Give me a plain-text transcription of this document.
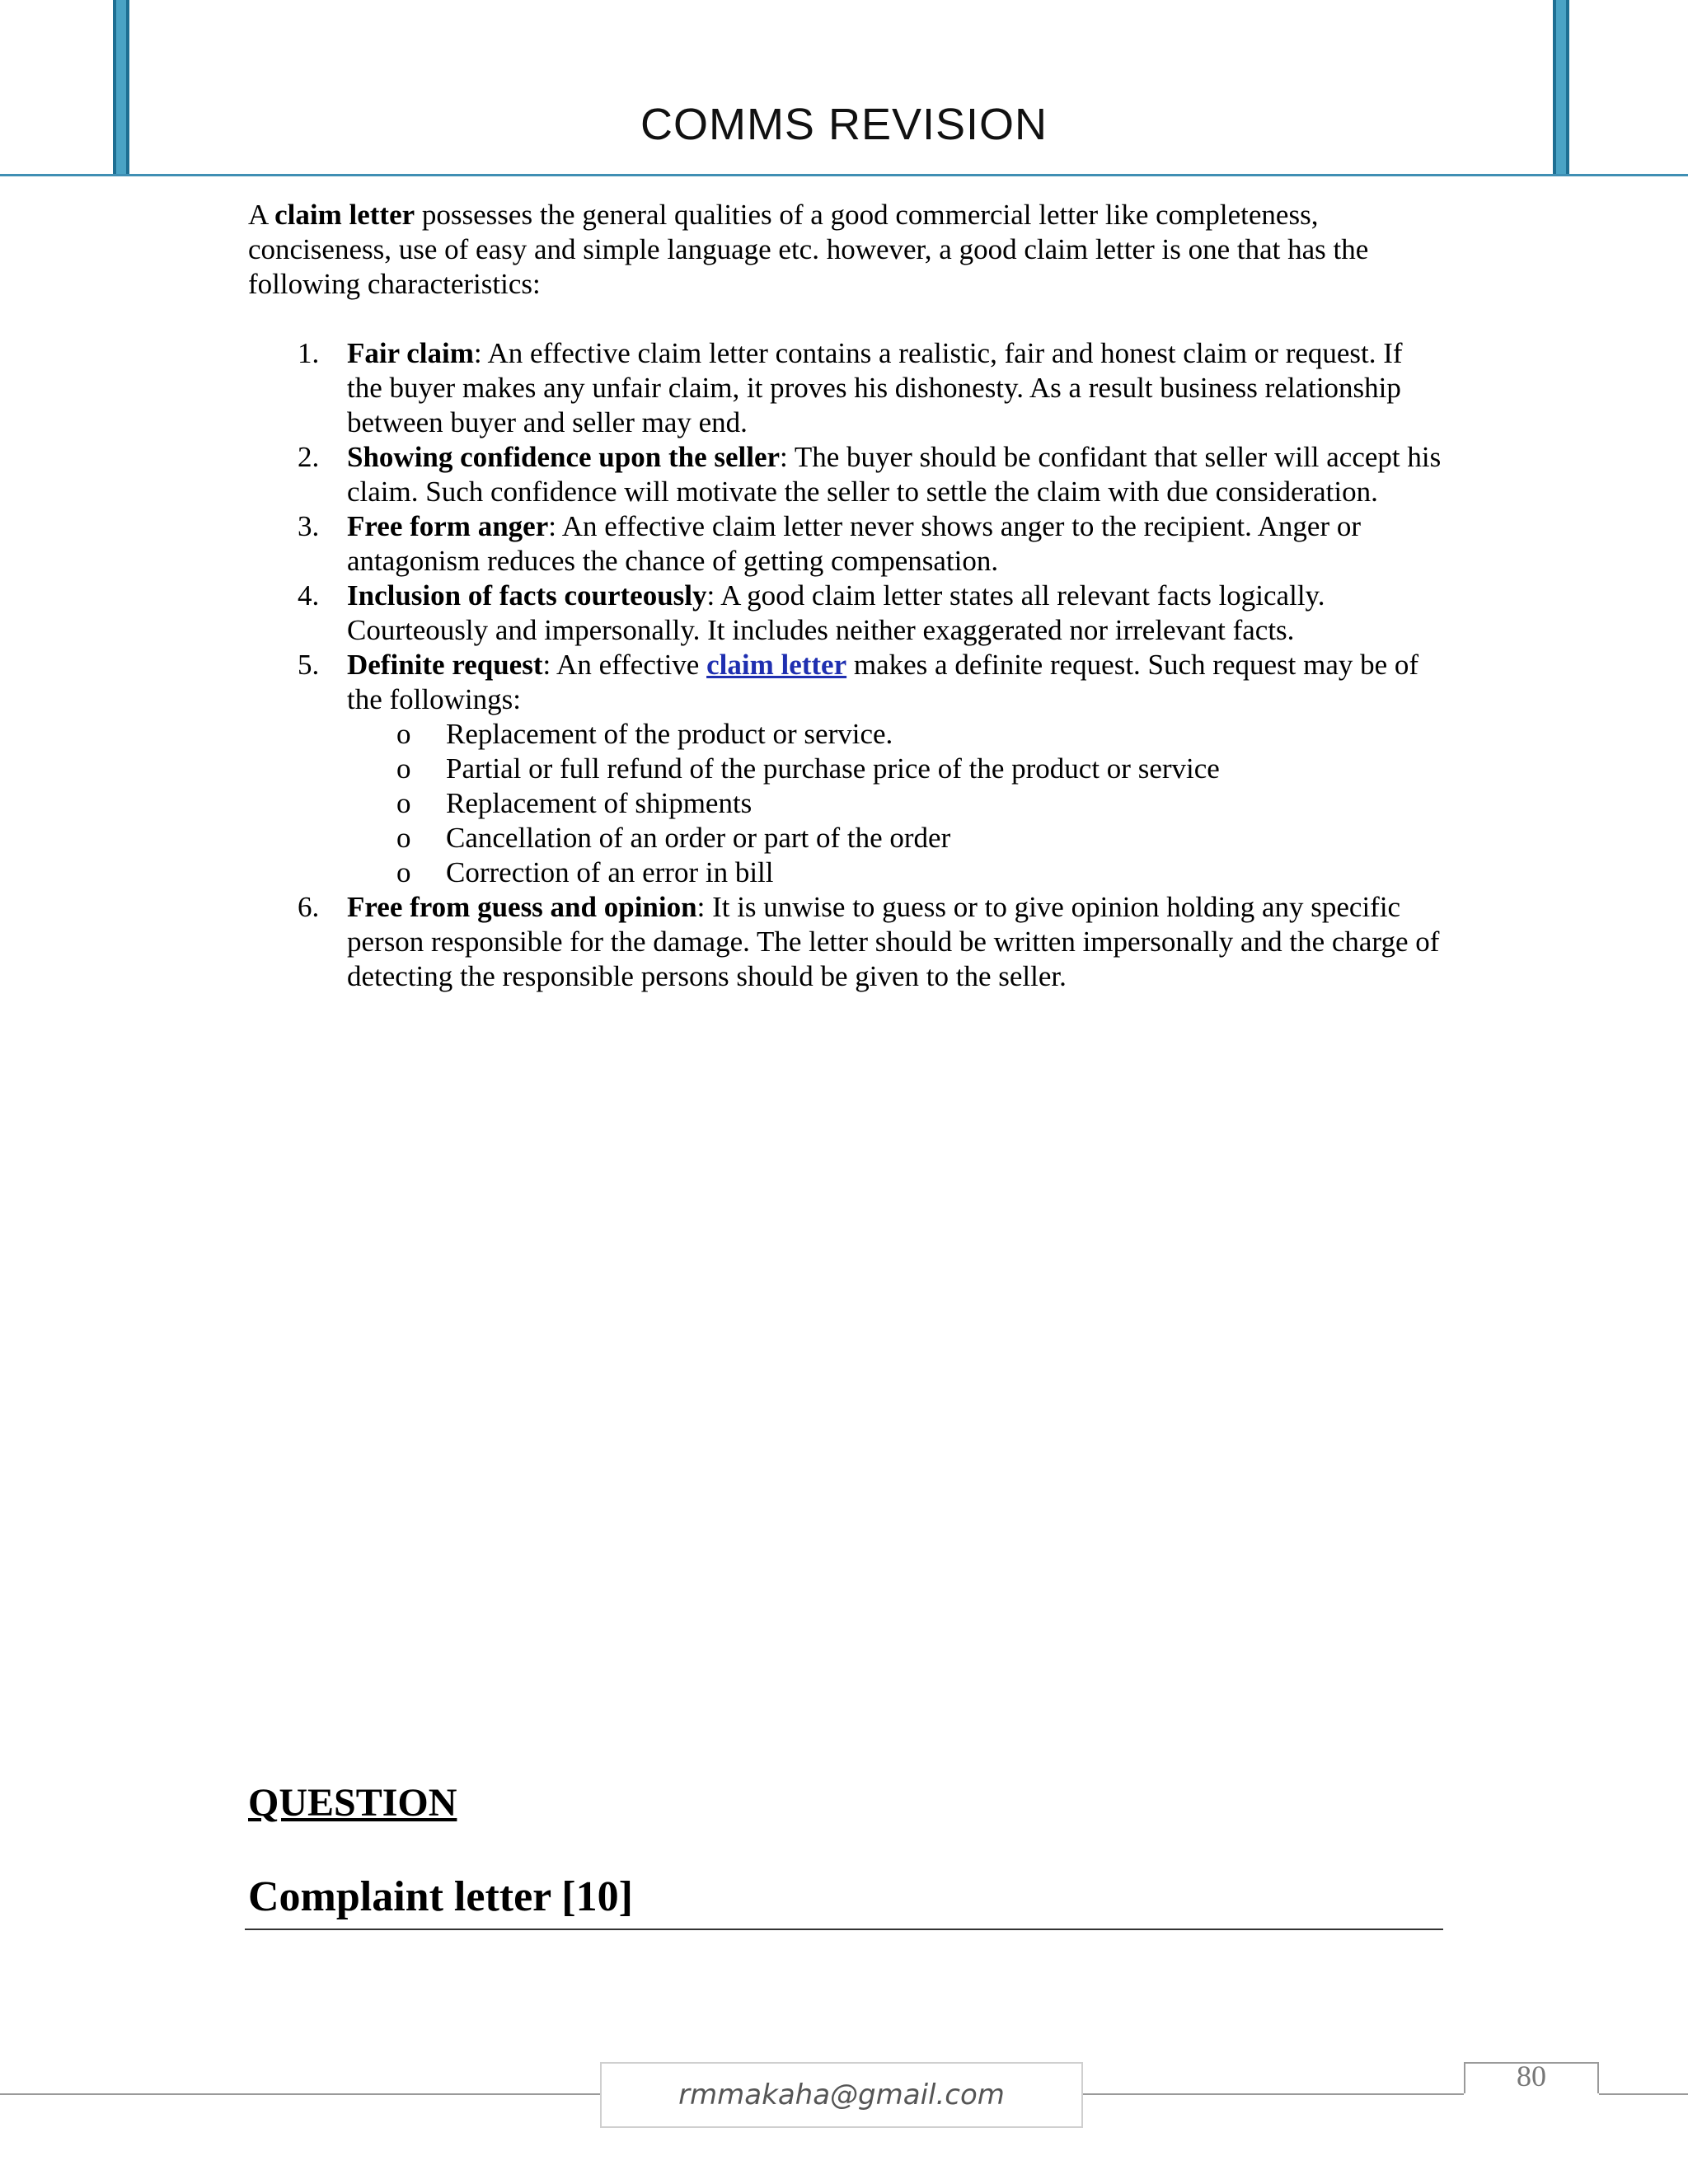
COMMS REVISION

A claim letter possesses the general qualities of a good commercial letter like completeness, conciseness, use of easy and simple language etc. however, a good claim letter is one that has the following characteristics:

1. Fair claim: An effective claim letter contains a realistic, fair and honest claim or request. If the buyer makes any unfair claim, it proves his dishonesty. As a result business relationship between buyer and seller may end.
2. Showing confidence upon the seller: The buyer should be confidant that seller will accept his claim. Such confidence will motivate the seller to settle the claim with due consideration.
3. Free form anger: An effective claim letter never shows anger to the recipient. Anger or antagonism reduces the chance of getting compensation.
4. Inclusion of facts courteously: A good claim letter states all relevant facts logically. Courteously and impersonally. It includes neither exaggerated nor irrelevant facts.
5. Definite request: An effective claim letter makes a definite request. Such request may be of the followings:
o Replacement of the product or service.
o Partial or full refund of the purchase price of the product or service
o Replacement of shipments
o Cancellation of an order or part of the order
o Correction of an error in bill
6. Free from guess and opinion: It is unwise to guess or to give opinion holding any specific person responsible for the damage. The letter should be written impersonally and the charge of detecting the responsible persons should be given to the seller.
QUESTION
Complaint letter [10]
rmmakaha@gmail.com
80
